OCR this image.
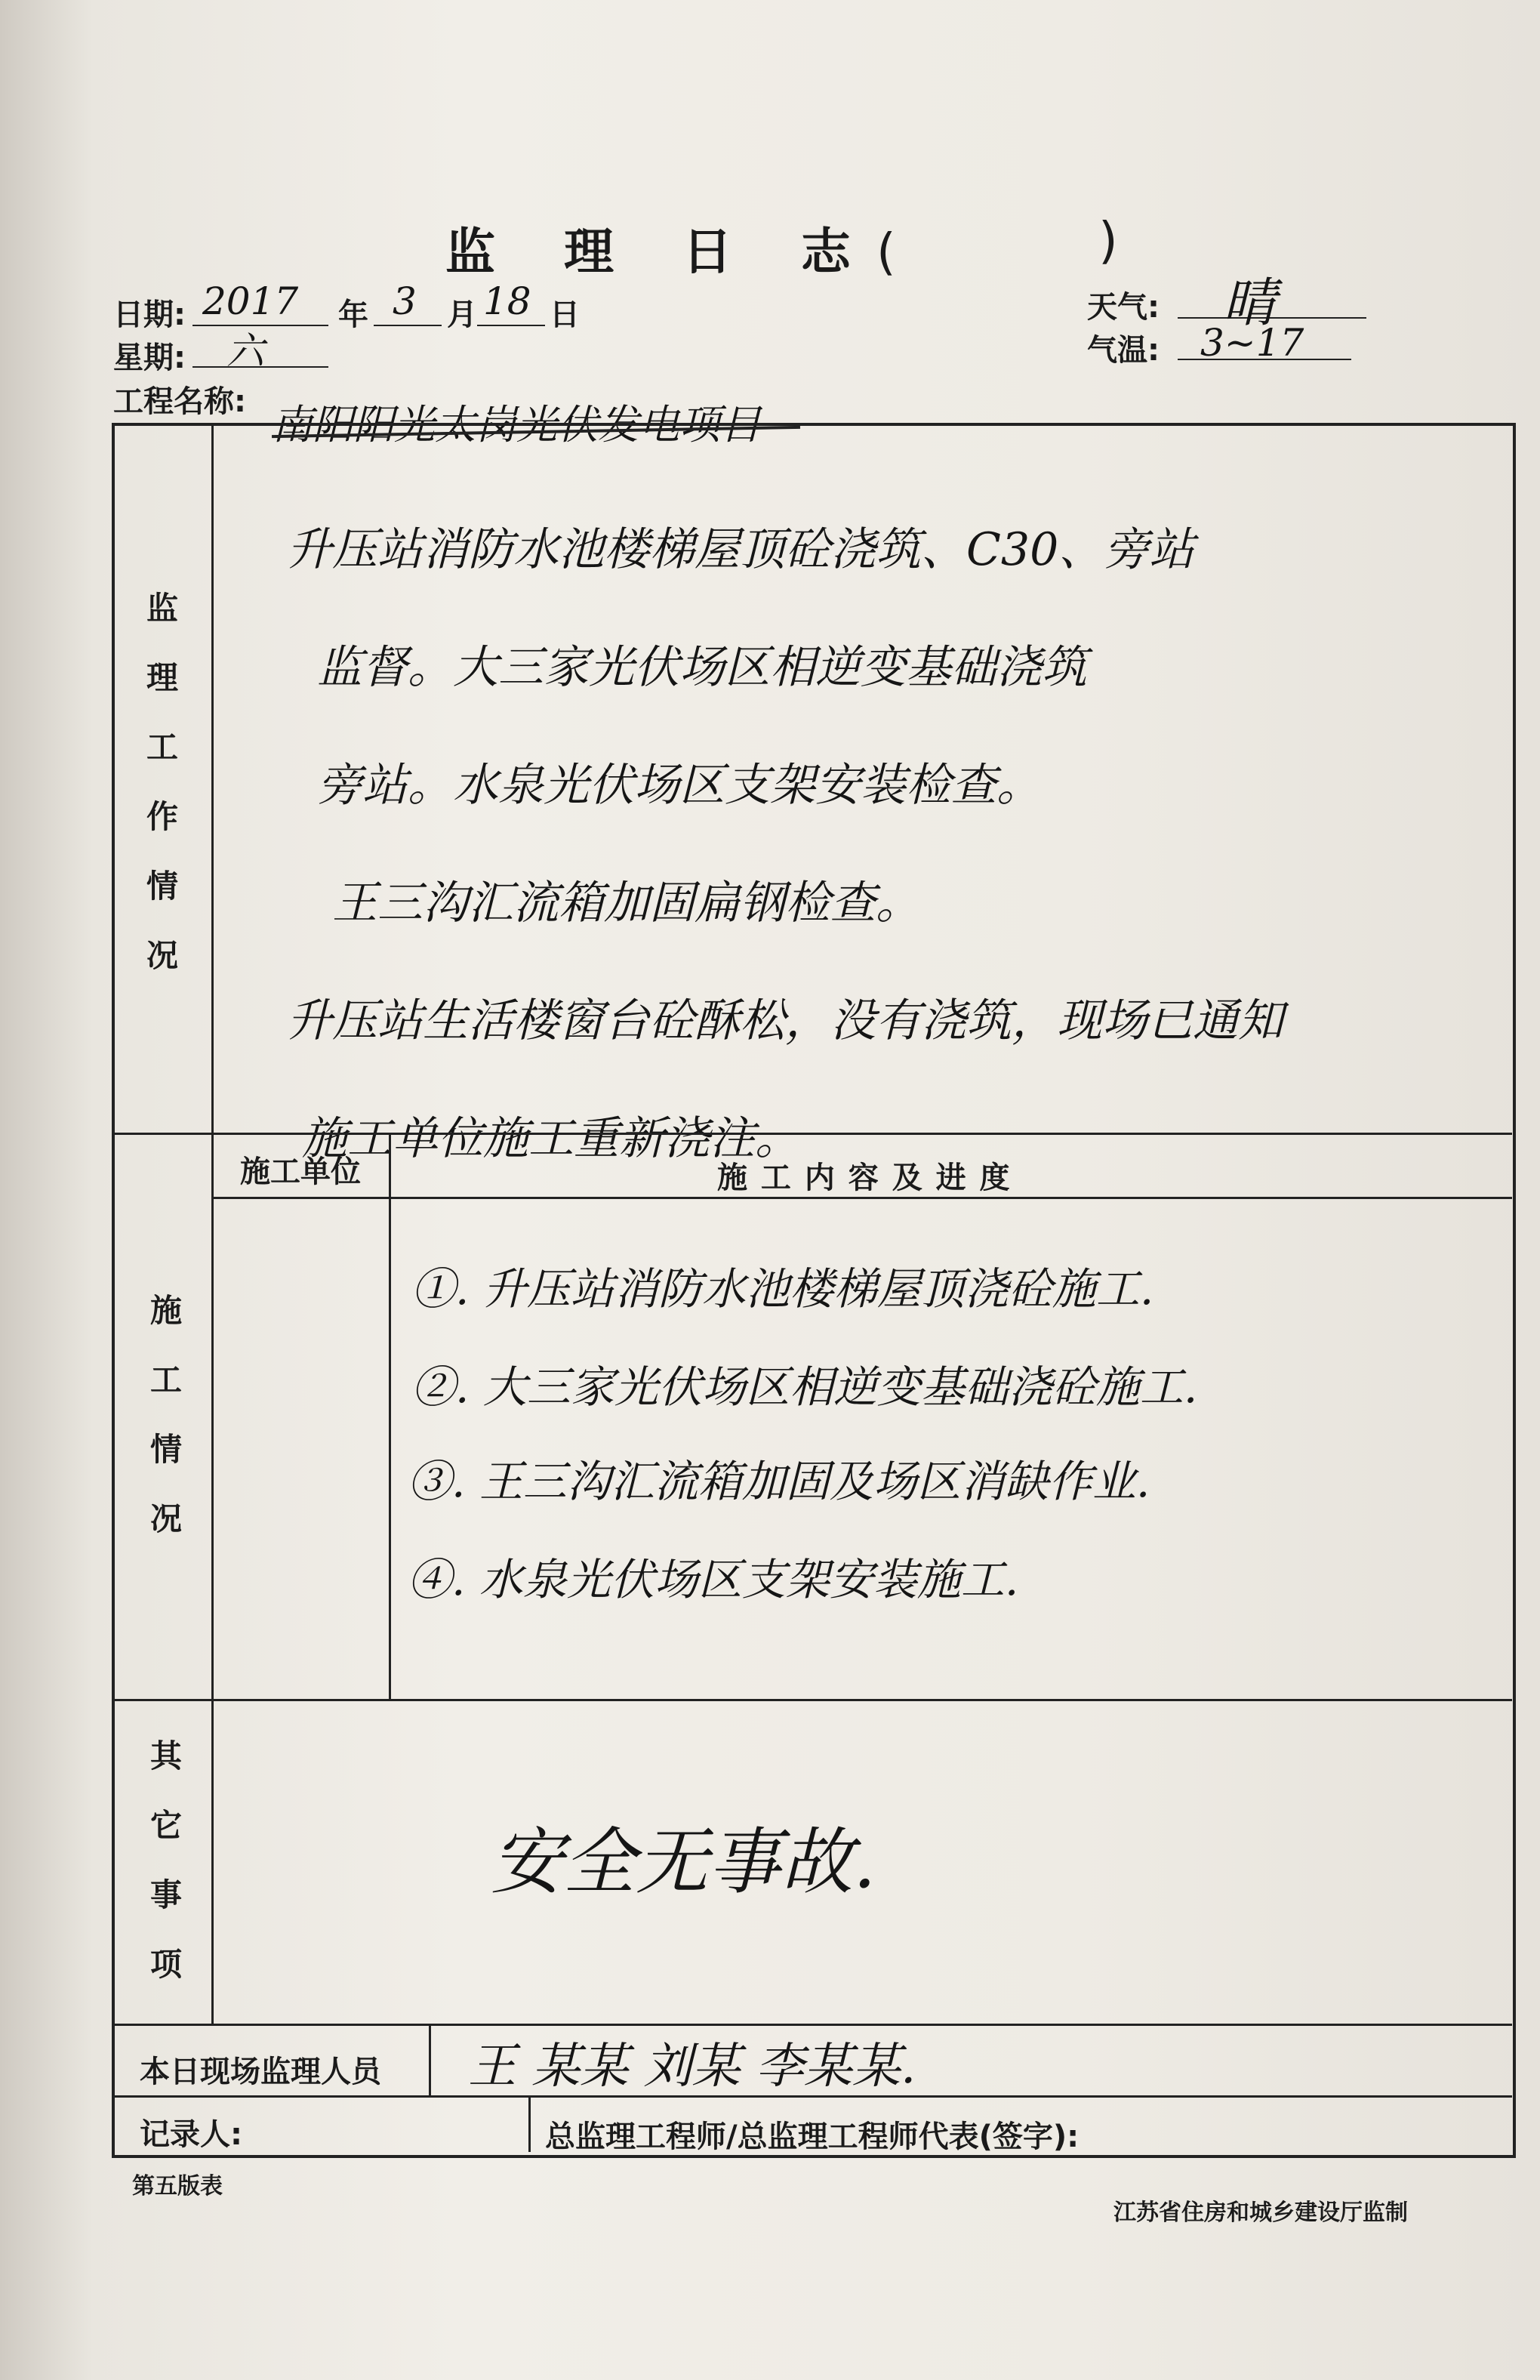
监 理 日 志(	)
日期: 2017 年 3 月 18 日
星期: 六
天气: 晴
气温: 3~17
工程名称: 南阳阳光太岗光伏发电项目
监理工作情况
升压站消防水池楼梯屋顶砼浇筑、C30、旁站
监督。大三家光伏场区相逆变基础浇筑
旁站。水泉光伏场区支架安装检查。
王三沟汇流箱加固扁钢检查。
升压站生活楼窗台砼酥松，没有浇筑，现场已通知
施工单位施工重新浇注。
施工情况
施工单位	施 工 内 容 及 进 度
①. 升压站消防水池楼梯屋顶浇砼施工.
②. 大三家光伏场区相逆变基础浇砼施工.
③. 王三沟汇流箱加固及场区消缺作业.
④. 水泉光伏场区支架安装施工.
其它事项
安全无事故.
本日现场监理人员 王 某某 刘某 李某某.
记录人:	总监理工程师/总监理工程师代表(签字):
第五版表
江苏省住房和城乡建设厅监制
